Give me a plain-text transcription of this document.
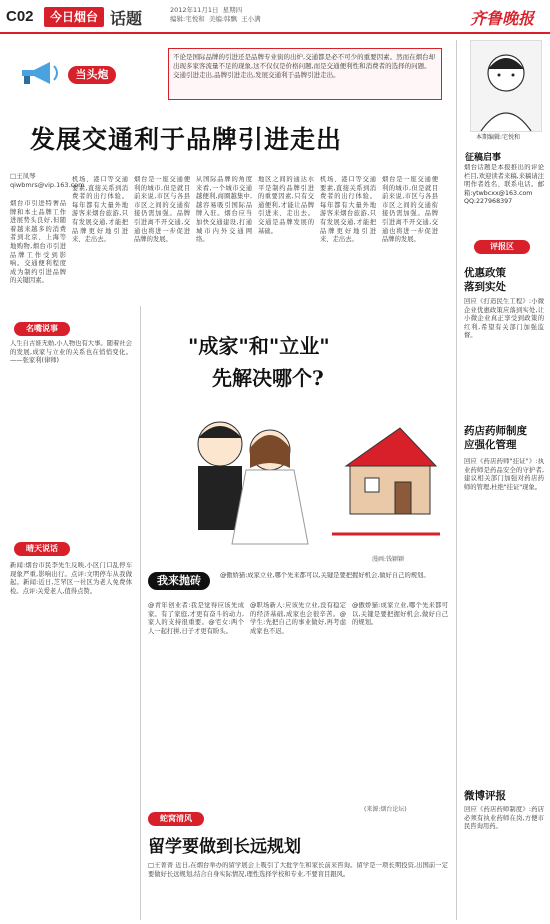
C02	今日烟台 话题	2012年11月1日  星期四
编辑:宅悦和  美编:韩飘  王小满	齐鲁晚报
当头炮
不论是国际品牌的引进还是品牌专业街的出炉,交通都是必不可少的重要因素。然而在烟台却出现多家客流量不足的现象,这不仅仅是价格问题,而是交通便利性和消费者的选择的问题。交通引进走出,品牌引进走出,发展交通利于品牌引进走出。
发展交通利于品牌引进走出
□王凤琴
qiwbmrs@vip.163.com
烟台市引进特奢品牌和本土品牌工作进展势头良好,但随着越来越多的消费者到北京、上海等地购物,烟台市引进品牌工作受到影响。交通便利程度成为制约引进品牌的关键因素。
机场、港口等交通要素,直接关系到消费者的出行体验。每年都有大量外地游客来烟台旅游,只有发展交通,才能把品牌更好地引进来、走出去。
烟台是一座交通便利的城市,但是就目前来说,市区与各县市区之间的交通衔接仍需加强。品牌引进离不开交通,交通也将进一步促进品牌的发展。
从国际品牌的角度来看,一个城市交通越便利,商圈越集中,越容易吸引国际品牌入驻。烟台应当加快交通建设,打通城市内外交通网络。
地区之间的通达水平是制约品牌引进的重要因素,只有交通便利,才能让品牌引进来、走出去。交通是品牌发展的基础。
机场、港口等交通要素,直接关系到消费者的出行体验。每年都有大量外地游客来烟台旅游,只有发展交通,才能把品牌更好地引进来、走出去。
烟台是一座交通便利的城市,但是就目前来说,市区与各县市区之间的交通衔接仍需加强。品牌引进离不开交通,交通也将进一步促进品牌的发展。
本期编辑:宅悦和
征稿启事
烟台话题是本报推出的评论栏目,欢迎读者来稿,来稿请注明作者姓名、联系电话。邮箱:ytwbcxx@163.com
QQ:227968397
评报区
优惠政策
落到实处
回应《打造民生工程》:小微企业优惠政策应落到实处,让小微企业真正享受到政策的红利,希望有关部门加强监督。
药店药师制度
应强化管理
回应《药店药师"挂证"》:执业药师是药品安全的守护者,建议相关部门加强对药店药师的管理,杜绝"挂证"现象。
微博评报
回应《药店药师制度》:药店必须有执业药师在岗,方便市民咨询用药。
名嘴说事
人生自古谁无婚,小人物也有大事。随着社会的发展,成家与立业的关系也在悄悄变化。——张家利(律师)
晴天说话
新闻:烟台市民李先生反映,小区门口乱停车现象严重,影响出行。点评:文明停车从我做起。新闻:近日,芝罘区一社区为老人免费体检。点评:关爱老人,值得点赞。
"成家"和"立业"
先解决哪个?
漫画:钱颖颖
我来抛砖	@傲娇猫:成家立业,哪个先来都可以,关键是要把握好机会,做好自己的规划。
@青年创业者:我是觉得应该先成家。有了家庭,才更有奋斗的动力,家人的支持很重要。@宅女:两个人一起打拼,日子才更有盼头。
@职场新人:应该先立业,没有稳定的经济基础,成家也会很辛苦。@学生:先把自己的事业做好,再考虑成家也不迟。
@傲娇猫:成家立业,哪个先来都可以,关键是要把握好机会,做好自己的规划。
(来源:烟台论坛)
蛇窝清风
留学要做到长远规划
□王菁菁 近日,在烟台举办的留学展会上吸引了大批学生和家长前来咨询。留学是一项长期投资,出国前一定要做好长远规划,结合自身实际情况,理性选择学校和专业,不要盲目跟风。
